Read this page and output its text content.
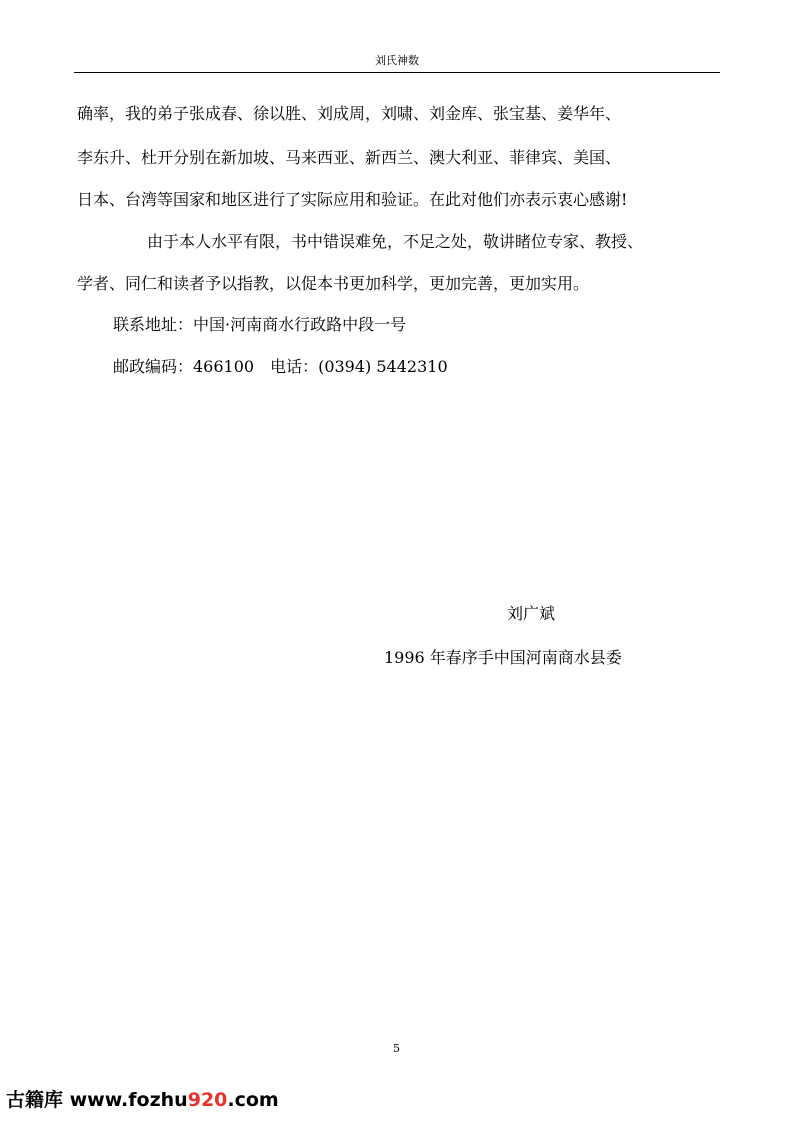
刘氏神数
确率，我的弟子张成春、徐以胜、刘成周，刘啸、刘金库、张宝基、姜华年、
李东升、杜开分别在新加坡、马来西亚、新西兰、澳大利亚、菲律宾、美国、
日本、台湾等国家和地区进行了实际应用和验证。在此对他们亦表示衷心感谢!
由于本人水平有限，书中错误难免，不足之处，敬讲睹位专家、教授、
学者、同仁和读者予以指教，以促本书更加科学，更加完善，更加实用。
联系地址：中国·河南商水行政路中段一号
邮政编码：466100　电话：(0394) 5442310
刘广斌
1996 年春序手中国河南商水县委
5
古籍库 www.fozhu920.com
